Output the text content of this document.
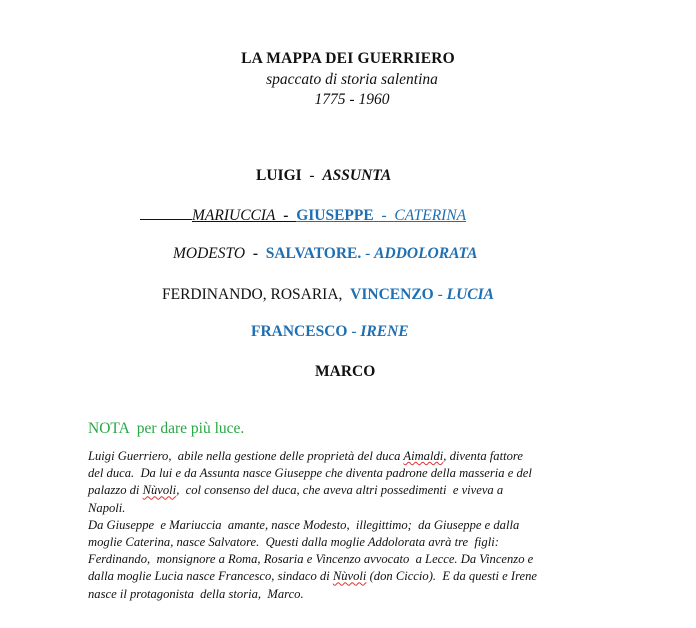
LA MAPPA DEI GUERRIERO
spaccato di storia salentina
1775 - 1960
LUIGI  -  ASSUNTA
MARIUCCIA  -  GIUSEPPE  -  CATERINA
MODESTO  -  SALVATORE. - ADDOLORATA
FERDINANDO, ROSARIA, VINCENZO - LUCIA
FRANCESCO - IRENE
MARCO
NOTA  per dare più luce.
Luigi Guerriero,  abile nella gestione delle proprietà del duca Aimaldi, diventa fattore
del duca.  Da lui e da Assunta nasce Giuseppe che diventa padrone della masseria e del
palazzo di Nùvoli,  col consenso del duca, che aveva altri possedimenti  e viveva a
Napoli.
Da Giuseppe  e Mariuccia  amante, nasce Modesto,  illegittimo;  da Giuseppe e dalla
moglie Caterina, nasce Salvatore.  Questi dalla moglie Addolorata avrà tre  figli:
Ferdinando,  monsignore a Roma, Rosaria e Vincenzo avvocato  a Lecce. Da Vincenzo e
dalla moglie Lucia nasce Francesco, sindaco di Nùvoli (don Ciccio).  E da questi e Irene
nasce il protagonista  della storia,  Marco.
